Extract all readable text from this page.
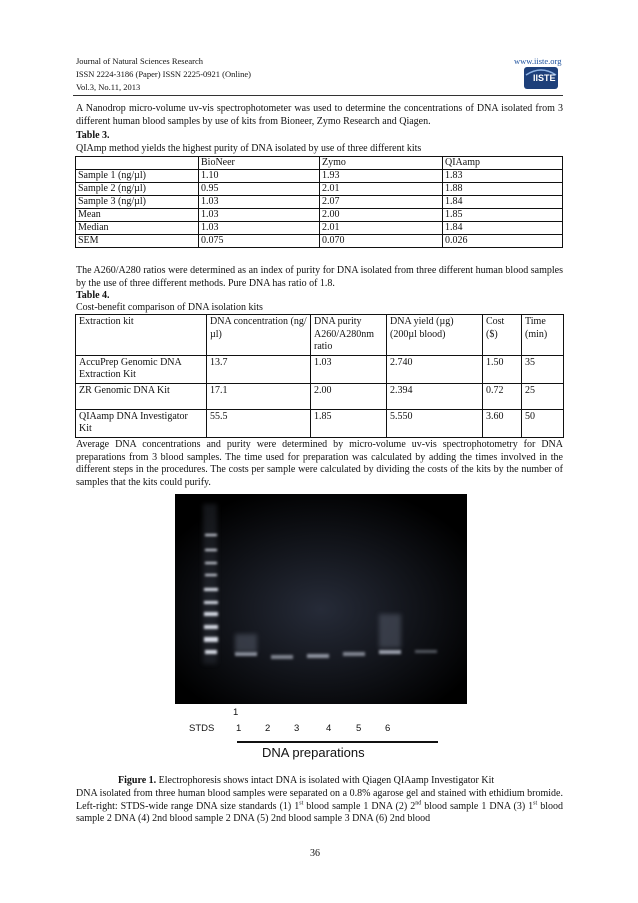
Journal of Natural Sciences Research
ISSN 2224-3186 (Paper) ISSN 2225-0921 (Online)
Vol.3, No.11, 2013
www.iiste.org
IISTE
A Nanodrop micro-volume uv-vis spectrophotometer was used to determine the concentrations of DNA isolated from 3 different human blood samples by use of kits from Bioneer, Zymo Research and Qiagen.
Table 3.
QIAmp method yields the highest purity of DNA isolated by use of three different kits
	BioNeer	Zymo	QIAamp
Sample 1 (ng/µl)	1.10	1.93	1.83
Sample 2 (ng/µl)	0.95	2.01	1.88
Sample 3 (ng/µl)	1.03	2.07	1.84
Mean	1.03	2.00	1.85
Median	1.03	2.01	1.84
SEM	0.075	0.070	0.026
The A260/A280 ratios were determined as an index of purity for DNA isolated from three different human blood samples by the use of three different methods. Pure DNA has ratio of 1.8.
Table 4.
Cost-benefit comparison of DNA isolation kits
Extraction kit	DNA concentration (ng/µl)	DNA purity A260/A280nm ratio	DNA yield (µg) (200µl blood)	Cost ($)	Time (min)
AccuPrep Genomic DNA Extraction Kit	13.7	1.03	2.740	1.50	35
ZR Genomic DNA Kit	17.1	2.00	2.394	0.72	25
QIAamp DNA Investigator Kit	55.5	1.85	5.550	3.60	50
Average DNA concentrations and purity were determined by micro-volume uv-vis spectrophotometry for DNA preparations from 3 blood samples. The time used for preparation was calculated by adding the times involved in the different steps in the procedures. The costs per sample were calculated by dividing the costs of the kits by the number of samples that the kits could purify.
1
STDS 1 2 3	4	5 6
DNA preparations
Figure 1. Electrophoresis shows intact DNA is isolated with Qiagen QIAamp Investigator Kit
DNA isolated from three human blood samples were separated on a 0.8% agarose gel and stained with ethidium bromide. Left-right: STDS-wide range DNA size standards (1) 1st blood sample 1 DNA (2) 2nd blood sample 1 DNA (3) 1st blood sample 2 DNA (4) 2nd blood sample 2 DNA (5) 2nd blood sample 3 DNA (6) 2nd blood
36
